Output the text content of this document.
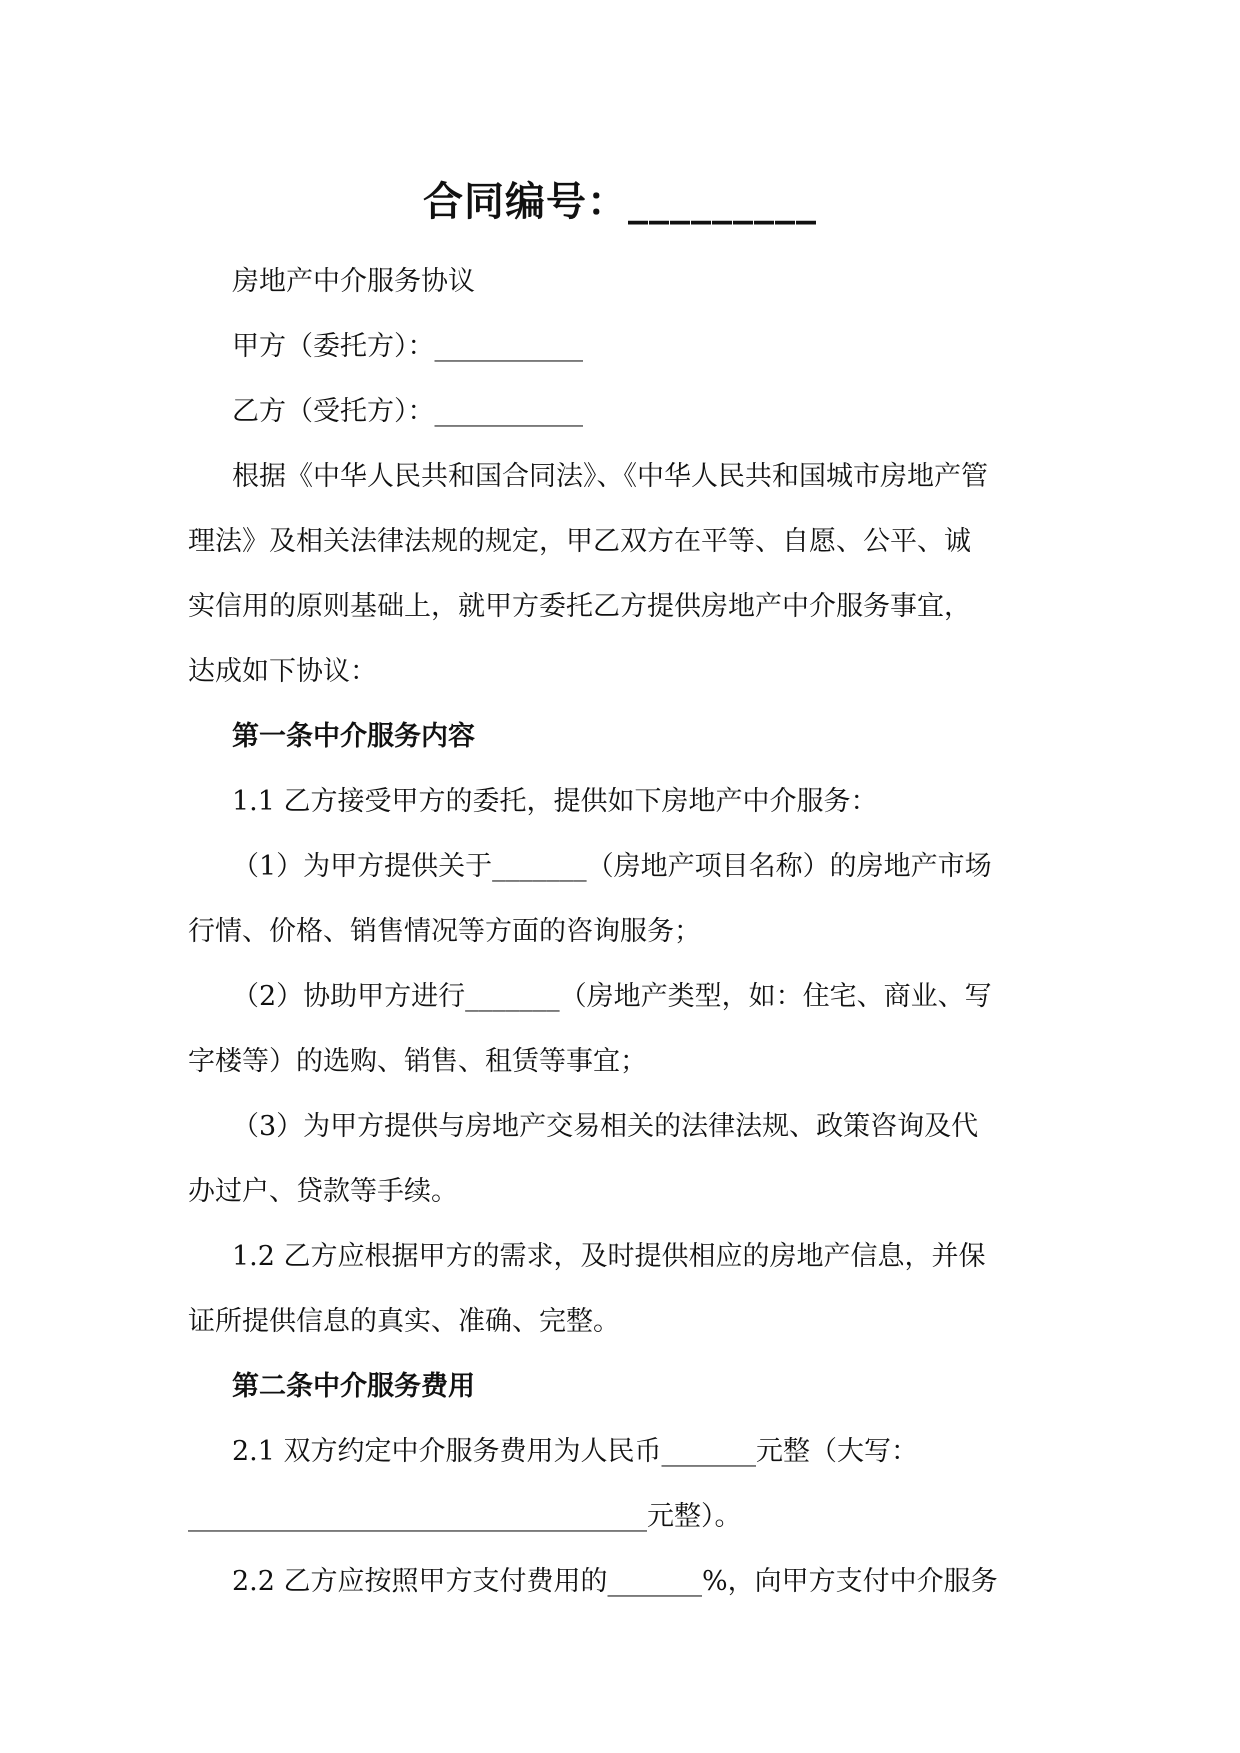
合同编号：_________
房地产中介服务协议
甲方（委托方）：___________
乙方（受托方）：___________
根据《中华人民共和国合同法》、《中华人民共和国城市房地产管
理法》及相关法律法规的规定，甲乙双方在平等、自愿、公平、诚
实信用的原则基础上，就甲方委托乙方提供房地产中介服务事宜，
达成如下协议：
第一条中介服务内容
1.1 乙方接受甲方的委托，提供如下房地产中介服务：
（1）为甲方提供关于_______（房地产项目名称）的房地产市场
行情、价格、销售情况等方面的咨询服务；
（2）协助甲方进行_______（房地产类型，如：住宅、商业、写
字楼等）的选购、销售、租赁等事宜；
（3）为甲方提供与房地产交易相关的法律法规、政策咨询及代
办过户、贷款等手续。
1.2 乙方应根据甲方的需求，及时提供相应的房地产信息，并保
证所提供信息的真实、准确、完整。
第二条中介服务费用
2.1 双方约定中介服务费用为人民币_______元整（大写：
__________________________________元整）。
2.2 乙方应按照甲方支付费用的_______%，向甲方支付中介服务
